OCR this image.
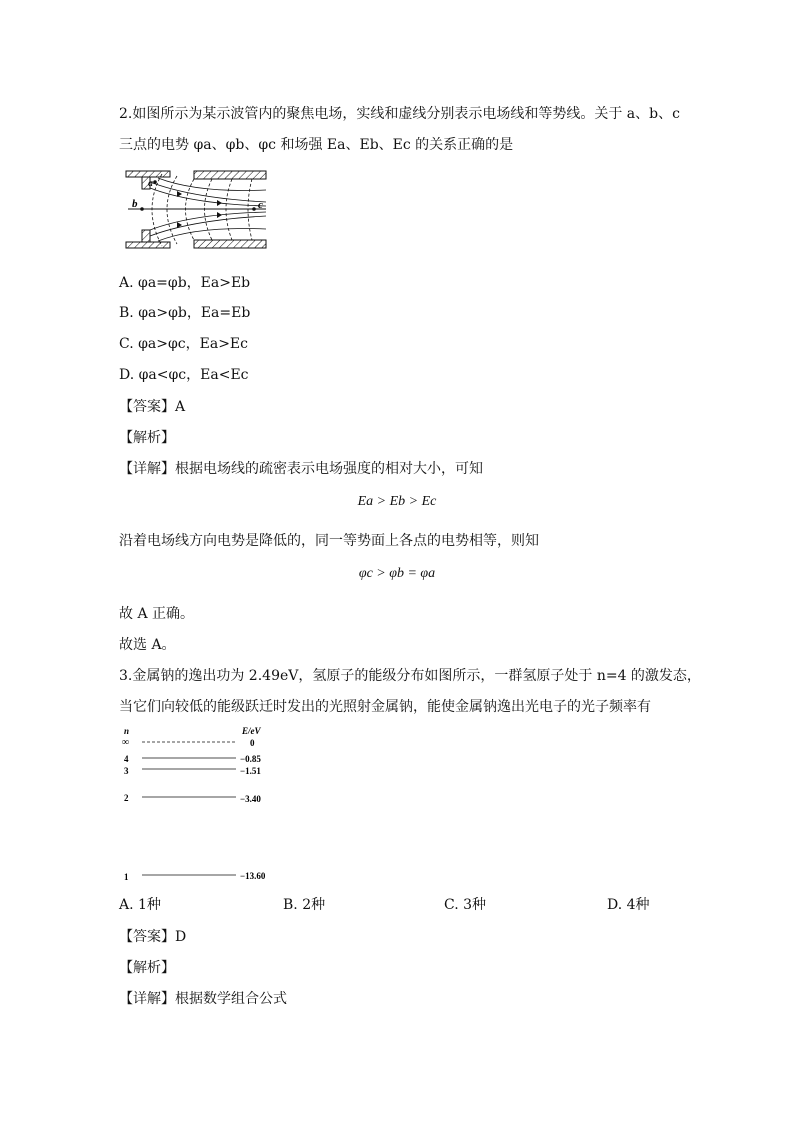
2.如图所示为某示波管内的聚焦电场，实线和虚线分别表示电场线和等势线。关于 a、b、c
三点的电势 φa、φb、φc 和场强 Ea、Eb、Ec 的关系正确的是
a
b	c
A. φa=φb，Ea>Eb
B. φa>φb，Ea=Eb
C. φa>φc，Ea>Ec
D. φa<φc，Ea<Ec
【答案】A
【解析】
【详解】根据电场线的疏密表示电场强度的相对大小，可知
Ea > Eb > Ec
沿着电场线方向电势是降低的，同一等势面上各点的电势相等，则知
φc > φb = φa
故 A 正确。
故选 A。
3.金属钠的逸出功为 2.49eV，氢原子的能级分布如图所示，一群氢原子处于 n=4 的激发态，
当它们向较低的能级跃迁时发出的光照射金属钠，能使金属钠逸出光电子的光子频率有
n	E/eV
∞	0
4	−0.85
3	−1.51
2	−3.40
1	−13.60
A. 1种	B. 2种	C. 3种	D. 4种
【答案】D
【解析】
【详解】根据数学组合公式
